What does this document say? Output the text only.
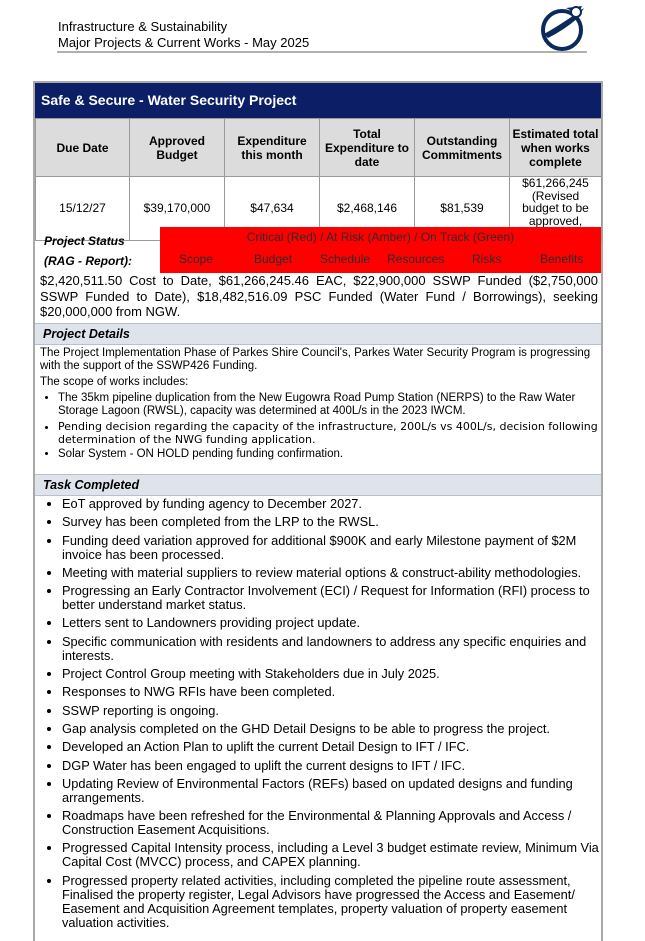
Infrastructure & Sustainability
Major Projects & Current Works - May 2025
Safe & Secure - Water Security Project
Due Date	Approved Budget	Expenditure this month	Total Expenditure to date	Outstanding Commitments	Estimated total when works complete
15/12/27	$39,170,000	$47,634	$2,468,146	$81,539	$61,266,245
(Revised budget to be approved,
Project Status
(RAG - Report):
Critical (Red) / At Risk (Amber) / On Track (Green)
Scope	Budget Schedule Resources Risks	Benefits
$2,420,511.50 Cost to Date, $61,266,245.46 EAC, $22,900,000 SSWP Funded ($2,750,000 SSWP Funded to Date), $18,482,516.09 PSC Funded (Water Fund / Borrowings), seeking $20,000,000 from NGW.
Project Details

The Project Implementation Phase of Parkes Shire Council's, Parkes Water Security Program is progressing with the support of the SSWP426 Funding.

The scope of works includes:

• The 35km pipeline duplication from the New Eugowra Road Pump Station (NERPS) to the Raw Water Storage Lagoon (RWSL), capacity was determined at 400L/s in the 2023 IWCM.
• Pending decision regarding the capacity of the infrastructure, 200L/s vs 400L/s, decision following determination of the NWG funding application.
• Solar System - ON HOLD pending funding confirmation.
Task Completed
• EoT approved by funding agency to December 2027.
• Survey has been completed from the LRP to the RWSL.
• Funding deed variation approved for additional $900K and early Milestone payment of $2M invoice has been processed.
• Meeting with material suppliers to review material options & construct-ability methodologies.
• Progressing an Early Contractor Involvement (ECI) / Request for Information (RFI) process to better understand market status.
• Letters sent to Landowners providing project update.
• Specific communication with residents and landowners to address any specific enquiries and interests.
• Project Control Group meeting with Stakeholders due in July 2025.
• Responses to NWG RFIs have been completed.
• SSWP reporting is ongoing.
• Gap analysis completed on the GHD Detail Designs to be able to progress the project.
• Developed an Action Plan to uplift the current Detail Design to IFT / IFC.
• DGP Water has been engaged to uplift the current designs to IFT / IFC.
• Updating Review of Environmental Factors (REFs) based on updated designs and funding arrangements.
• Roadmaps have been refreshed for the Environmental & Planning Approvals and Access / Construction Easement Acquisitions.
• Progressed Capital Intensity process, including a Level 3 budget estimate review, Minimum Via Capital Cost (MVCC) process, and CAPEX planning.
• Progressed property related activities, including completed the pipeline route assessment, Finalised the property register, Legal Advisors have progressed the Access and Easement/ Easement and Acquisition Agreement templates, property valuation of property easement valuation activities.
